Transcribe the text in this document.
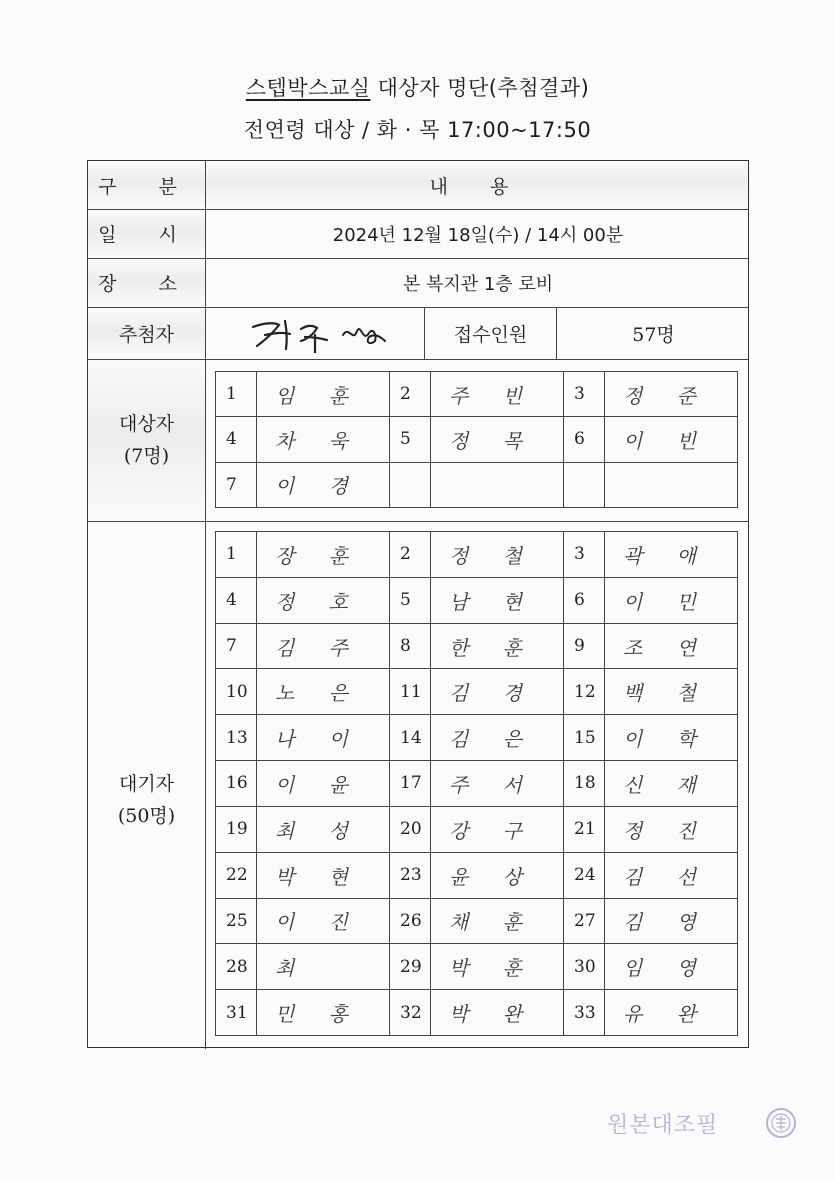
스텝박스교실 대상자 명단(추첨결과)
전연령 대상 / 화 · 목 17:00~17:50
구 분	내 용
일 시	2024년 12월 18일(수) / 14시 00분
장 소	본 복지관 1층 로비
추첨자	접수인원	57명
대상자
(7명)
대기자
(50명)
1	임 훈	2	주 빈	3	정 준
4	차 욱	5	정 목	6	이 빈
7	이 경				
1	장 훈	2	정 철	3	곽 애
4	정 호	5	남 현	6	이 민
7	김 주	8	한 훈	9	조 연
10	노 은	11	김 경	12	백 철
13	나 이	14	김 은	15	이 학
16	이 윤	17	주 서	18	신 재
19	최 성	20	강 구	21	정 진
22	박 현	23	윤 상	24	김 선
25	이 진	26	채 훈	27	김 영
28	최	29	박 훈	30	임 영
31	민 홍	32	박 완	33	유 완
원본대조필
